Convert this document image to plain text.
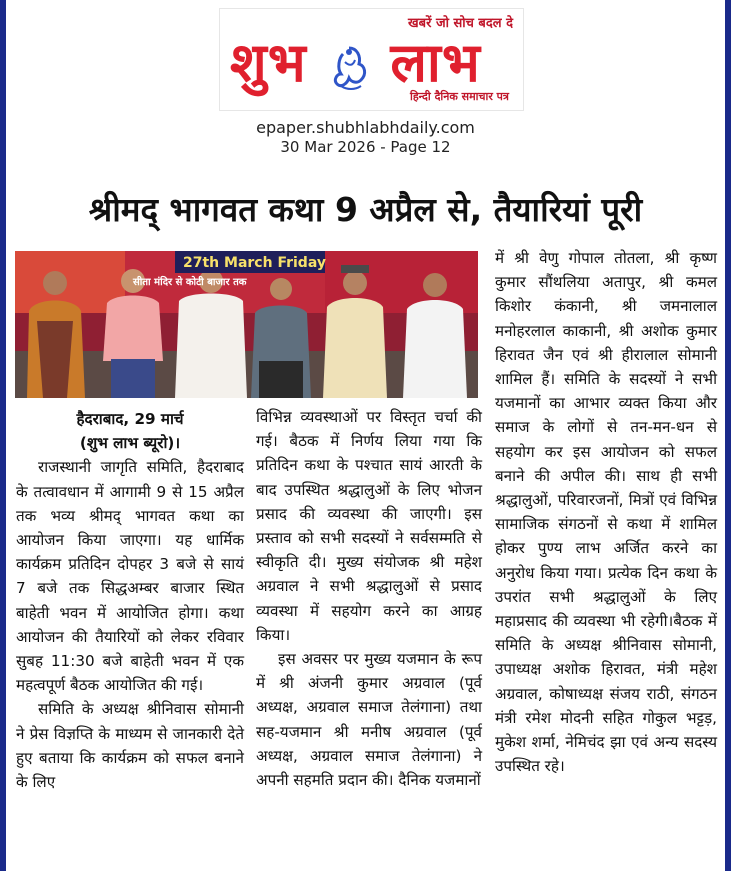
खबरें जो सोच बदल दे
शुभ लाभ
हिन्दी दैनिक समाचार पत्र
epaper.shubhlabhdaily.com
30 Mar 2026 - Page 12
श्रीमद् भागवत कथा 9 अप्रैल से, तैयारियां पूरी
27th March Friday
सीता मंदिर से कोटी बाजार तक

हैदराबाद, 29 मार्च

(शुभ लाभ ब्यूरो)।

राजस्थानी जागृति समिति, हैदराबाद के तत्वावधान में आगामी 9 से 15 अप्रैल तक भव्य श्रीमद् भागवत कथा का आयोजन किया जाएगा। यह धार्मिक कार्यक्रम प्रतिदिन दोपहर 3 बजे से सायं 7 बजे तक सिद्धअम्बर बाजार स्थित बाहेती भवन में आयोजित होगा। कथा आयोजन की तैयारियों को लेकर रविवार सुबह 11:30 बजे बाहेती भवन में एक महत्वपूर्ण बैठक आयोजित की गई।

समिति के अध्यक्ष श्रीनिवास सोमानी ने प्रेस विज्ञप्ति के माध्यम से जानकारी देते हुए बताया कि कार्यक्रम को सफल बनाने के लिए

विभिन्न व्यवस्थाओं पर विस्तृत चर्चा की गई। बैठक में निर्णय लिया गया कि प्रतिदिन कथा के पश्चात सायं आरती के बाद उपस्थित श्रद्धालुओं के लिए भोजन प्रसाद की व्यवस्था की जाएगी। इस प्रस्ताव को सभी सदस्यों ने सर्वसम्मति से स्वीकृति दी। मुख्य संयोजक श्री महेश अग्रवाल ने सभी श्रद्धालुओं से प्रसाद व्यवस्था में सहयोग करने का आग्रह किया।

इस अवसर पर मुख्य यजमान के रूप में श्री अंजनी कुमार अग्रवाल (पूर्व अध्यक्ष, अग्रवाल समाज तेलंगाना) तथा सह-यजमान श्री मनीष अग्रवाल (पूर्व अध्यक्ष, अग्रवाल समाज तेलंगाना) ने अपनी सहमति प्रदान की। दैनिक यजमानों

में श्री वेणु गोपाल तोतला, श्री कृष्ण कुमार सौंथलिया अतापुर, श्री कमल किशोर कंकानी, श्री जमनालाल मनोहरलाल काकानी, श्री अशोक कुमार हिरावत जैन एवं श्री हीरालाल सोमानी शामिल हैं। समिति के सदस्यों ने सभी यजमानों का आभार व्यक्त किया और समाज के लोगों से तन-मन-धन से सहयोग कर इस आयोजन को सफल बनाने की अपील की। साथ ही सभी श्रद्धालुओं, परिवारजनों, मित्रों एवं विभिन्न सामाजिक संगठनों से कथा में शामिल होकर पुण्य लाभ अर्जित करने का अनुरोध किया गया। प्रत्येक दिन कथा के उपरांत सभी श्रद्धालुओं के लिए महाप्रसाद की व्यवस्था भी रहेगी।बैठक में समिति के अध्यक्ष श्रीनिवास सोमानी, उपाध्यक्ष अशोक हिरावत, मंत्री महेश अग्रवाल, कोषाध्यक्ष संजय राठी, संगठन मंत्री रमेश मोदनी सहित गोकुल भट्टड़, मुकेश शर्मा, नेमिचंद झा एवं अन्य सदस्य उपस्थित रहे।
